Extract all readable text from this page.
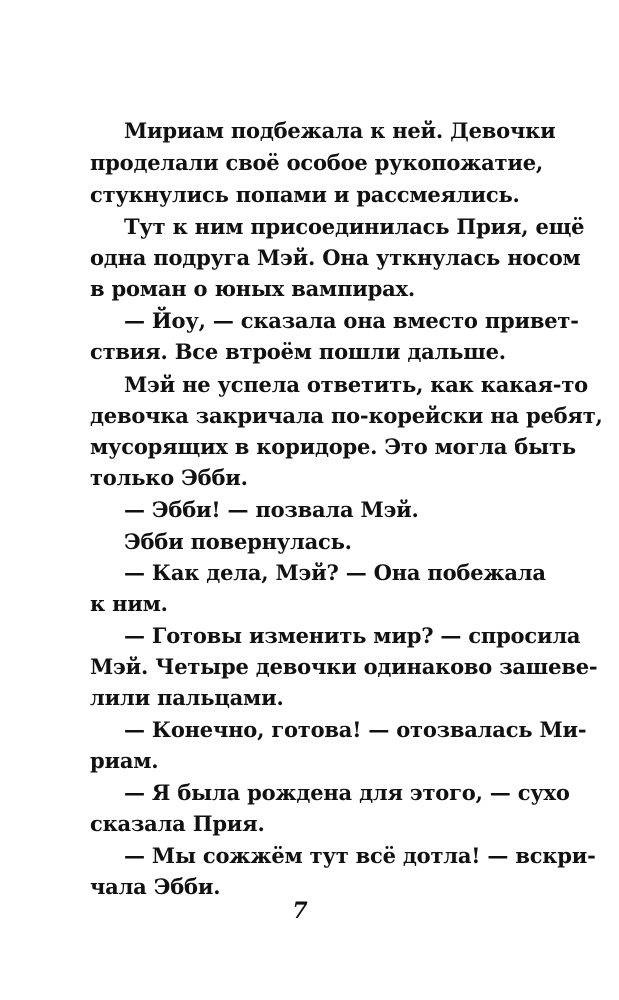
Мириам подбежала к ней. Девочки
проделали своё особое рукопожатие,
стукнулись попами и рассмеялись.
Тут к ним присоединилась Прия, ещё
одна подруга Мэй. Она уткнулась носом
в роман о юных вампирах.
— Йоу, — сказала она вместо привет-
ствия. Все втроём пошли дальше.
Мэй не успела ответить, как какая-то
девочка закричала по-корейски на ребят,
мусорящих в коридоре. Это могла быть
только Эбби.
— Эбби! — позвала Мэй.
Эбби повернулась.
— Как дела, Мэй? — Она побежала
к ним.
— Готовы изменить мир? — спросила
Мэй. Четыре девочки одинаково зашеве-
лили пальцами.
— Конечно, готова! — отозвалась Ми-
риам.
— Я была рождена для этого, — сухо
сказала Прия.
— Мы сожжём тут всё дотла! — вскри-
чала Эбби.
7
